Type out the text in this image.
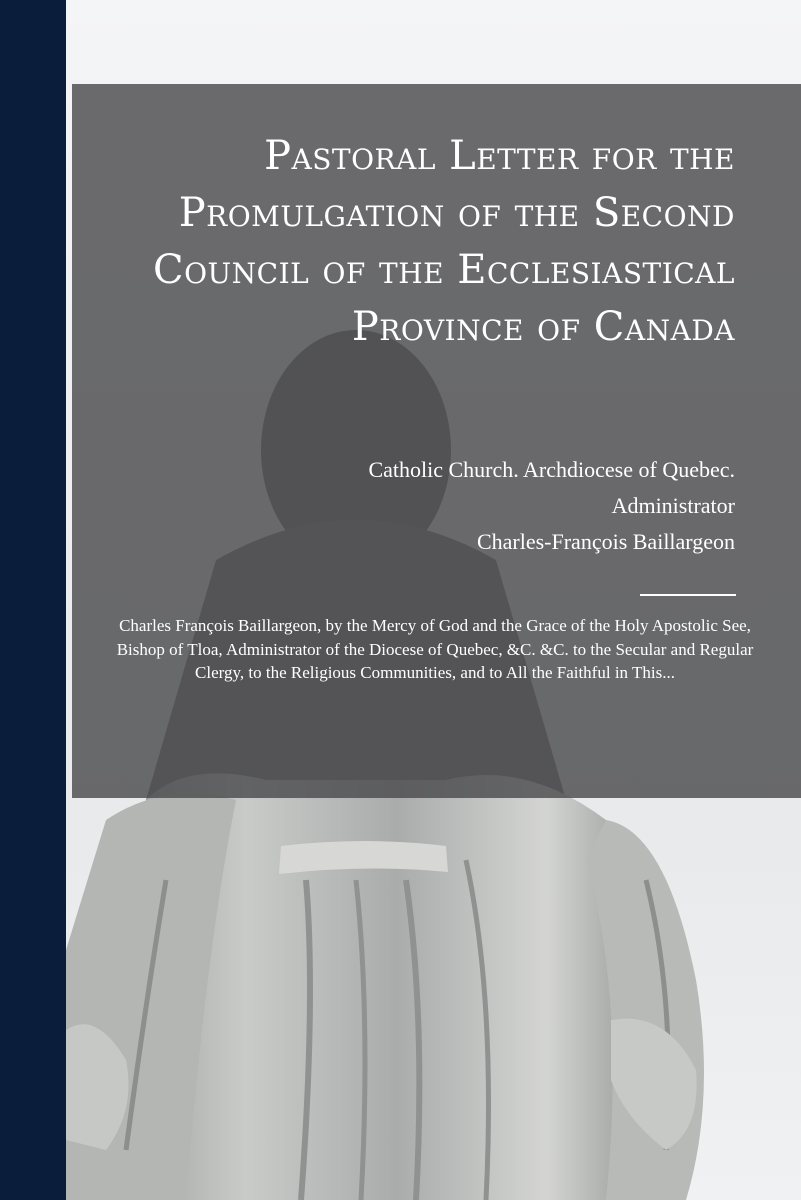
Pastoral Letter for the Promulgation of the Second Council of the Ecclesiastical Province of Canada
Catholic Church. Archdiocese of Quebec.
Administrator
Charles-François Baillargeon

Charles François Baillargeon, by the Mercy of God and the Grace of the Holy Apostolic See, Bishop of Tloa, Administrator of the Diocese of Quebec, &C. &C. to the Secular and Regular Clergy, to the Religious Communities, and to All the Faithful in This...
